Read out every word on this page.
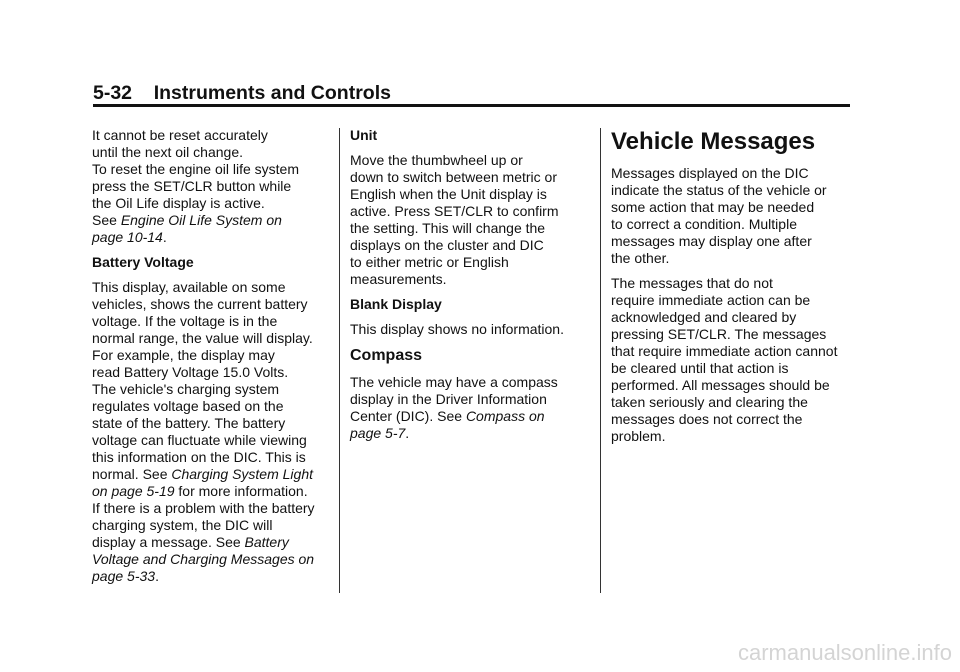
5-32 Instruments and Controls

It cannot be reset accurately
until the next oil change.

To reset the engine oil life system
press the SET/CLR button while
the Oil Life display is active.
See Engine Oil Life System on
page 10-14.

Battery Voltage

This display, available on some
vehicles, shows the current battery
voltage. If the voltage is in the
normal range, the value will display.
For example, the display may
read Battery Voltage 15.0 Volts.
The vehicle's charging system
regulates voltage based on the
state of the battery. The battery
voltage can fluctuate while viewing
this information on the DIC. This is
normal. See Charging System Light
on page 5-19 for more information.
If there is a problem with the battery
charging system, the DIC will
display a message. See Battery
Voltage and Charging Messages on
page 5-33.

Unit

Move the thumbwheel up or
down to switch between metric or
English when the Unit display is
active. Press SET/CLR to confirm
the setting. This will change the
displays on the cluster and DIC
to either metric or English
measurements.

Blank Display

This display shows no information.

Compass

The vehicle may have a compass
display in the Driver Information
Center (DIC). See Compass on
page 5-7.

Vehicle Messages

Messages displayed on the DIC
indicate the status of the vehicle or
some action that may be needed
to correct a condition. Multiple
messages may display one after
the other.

The messages that do not
require immediate action can be
acknowledged and cleared by
pressing SET/CLR. The messages
that require immediate action cannot
be cleared until that action is
performed. All messages should be
taken seriously and clearing the
messages does not correct the
problem.

carmanualsonline.info
